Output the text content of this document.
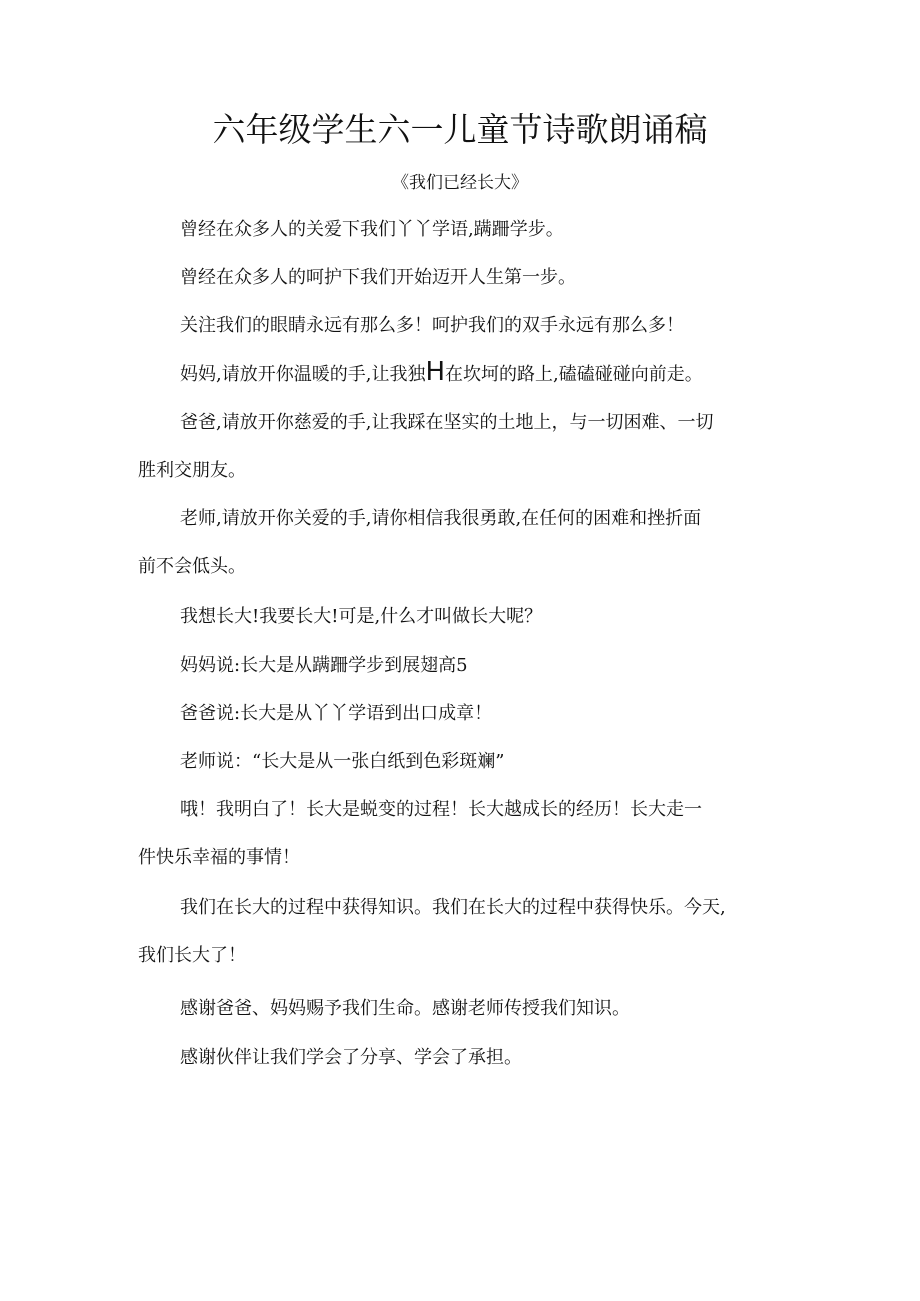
六年级学生六一儿童节诗歌朗诵稿
《我们已经长大》
曾经在众多人的关爱下我们丫丫学语,蹒跚学步。
曾经在众多人的呵护下我们开始迈开人生第一步。
关注我们的眼睛永远有那么多！呵护我们的双手永远有那么多！
妈妈,请放开你温暖的手,让我独H在坎坷的路上,磕磕碰碰向前走。
爸爸,请放开你慈爱的手,让我踩在坚实的土地上，与一切困难、一切
胜利交朋友。
老师,请放开你关爱的手,请你相信我很勇敢,在任何的困难和挫折面
前不会低头。
我想长大!我要长大!可是,什么才叫做长大呢？
妈妈说:长大是从蹒跚学步到展翅高5
爸爸说:长大是从丫丫学语到出口成章！
老师说：“长大是从一张白纸到色彩斑斓”
哦！我明白了！长大是蜕变的过程！长大越成长的经历！长大走一
件快乐幸福的事情！
我们在长大的过程中获得知识。我们在长大的过程中获得快乐。今天,
我们长大了！
感谢爸爸、妈妈赐予我们生命。感谢老师传授我们知识。
感谢伙伴让我们学会了分享、学会了承担。
